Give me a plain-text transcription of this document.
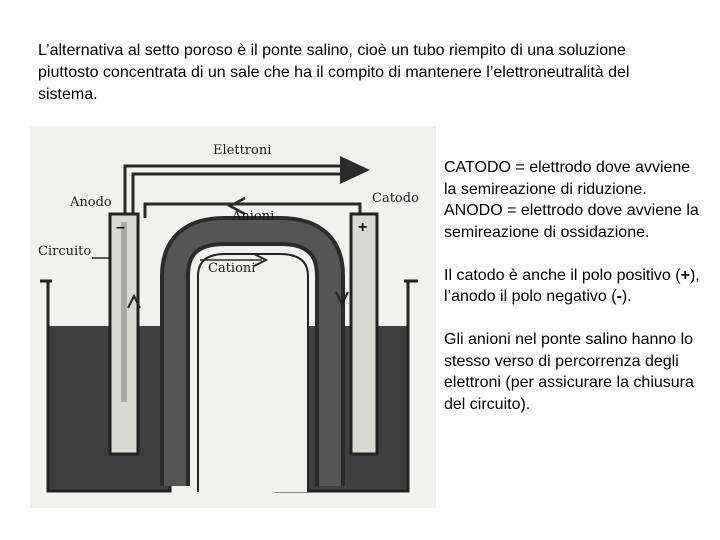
L’alternativa al setto poroso è il ponte salino, cioè un tubo riempito di una soluzione piuttosto concentrata di un sale che ha il compito di mantenere l’elettroneutralità del sistema.

Elettroni
Anodo	Catodo
Anioni
Circuito
Cationi
–	+

CATODO = elettrodo dove avviene la semireazione di riduzione.

ANODO = elettrodo dove avviene la semireazione di ossidazione.

Il catodo è anche il polo positivo (+), l’anodo il polo negativo (-).

Gli anioni nel ponte salino hanno lo stesso verso di percorrenza degli elettroni (per assicurare la chiusura del circuito).
